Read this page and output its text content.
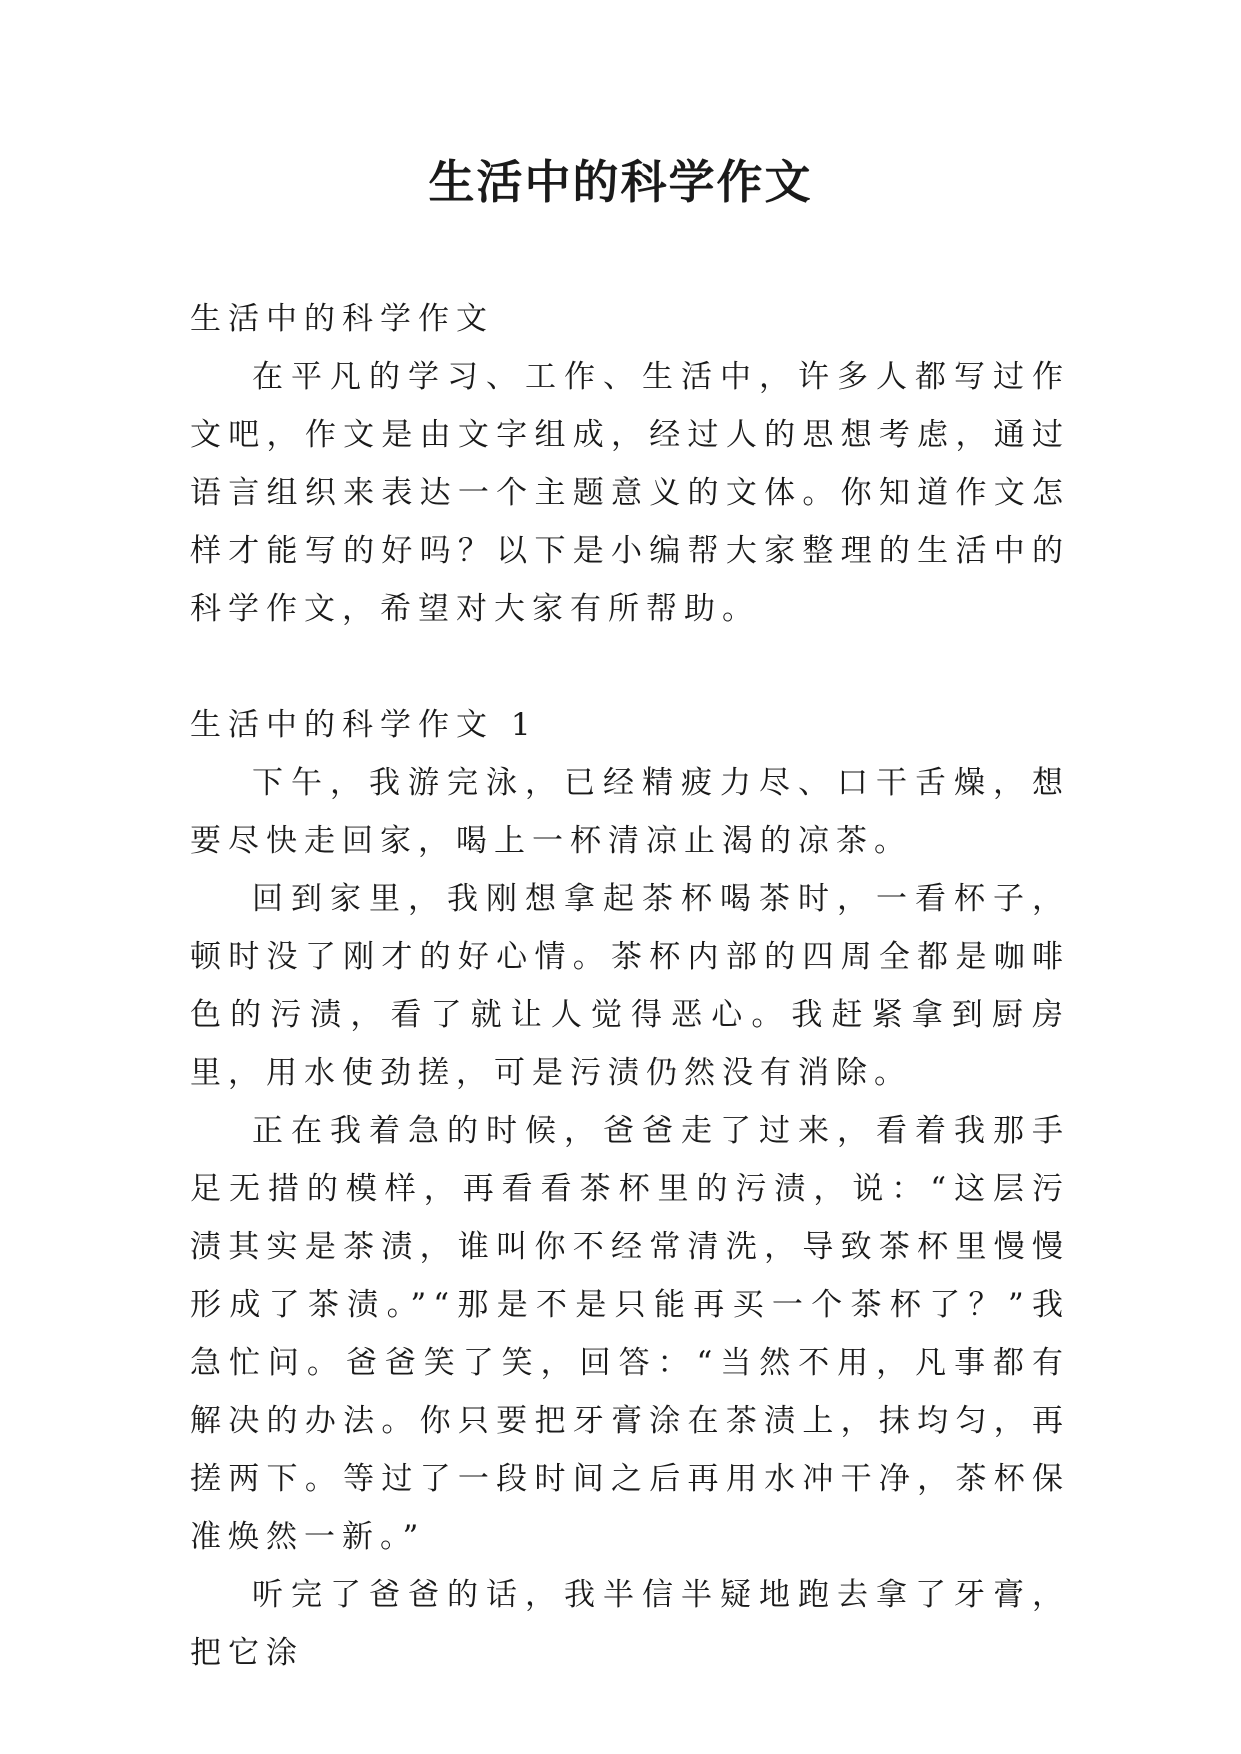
生活中的科学作文

生活中的科学作文

在平凡的学习、工作、生活中，许多人都写过作文吧，作文是由文字组成，经过人的思想考虑，通过语言组织来表达一个主题意义的文体。你知道作文怎样才能写的好吗？以下是小编帮大家整理的生活中的科学作文，希望对大家有所帮助。

生活中的科学作文 1

下午，我游完泳，已经精疲力尽、口干舌燥，想要尽快走回家，喝上一杯清凉止渴的凉茶。

回到家里，我刚想拿起茶杯喝茶时，一看杯子，顿时没了刚才的好心情。茶杯内部的四周全都是咖啡色的污渍，看了就让人觉得恶心。我赶紧拿到厨房里，用水使劲搓，可是污渍仍然没有消除。

正在我着急的时候，爸爸走了过来，看着我那手足无措的模样，再看看茶杯里的污渍，说：“这层污渍其实是茶渍，谁叫你不经常清洗，导致茶杯里慢慢形成了茶渍。”“那是不是只能再买一个茶杯了？”我急忙问。爸爸笑了笑，回答：“当然不用，凡事都有解决的办法。你只要把牙膏涂在茶渍上，抹均匀，再搓两下。等过了一段时间之后再用水冲干净，茶杯保准焕然一新。”

听完了爸爸的话，我半信半疑地跑去拿了牙膏，把它涂
